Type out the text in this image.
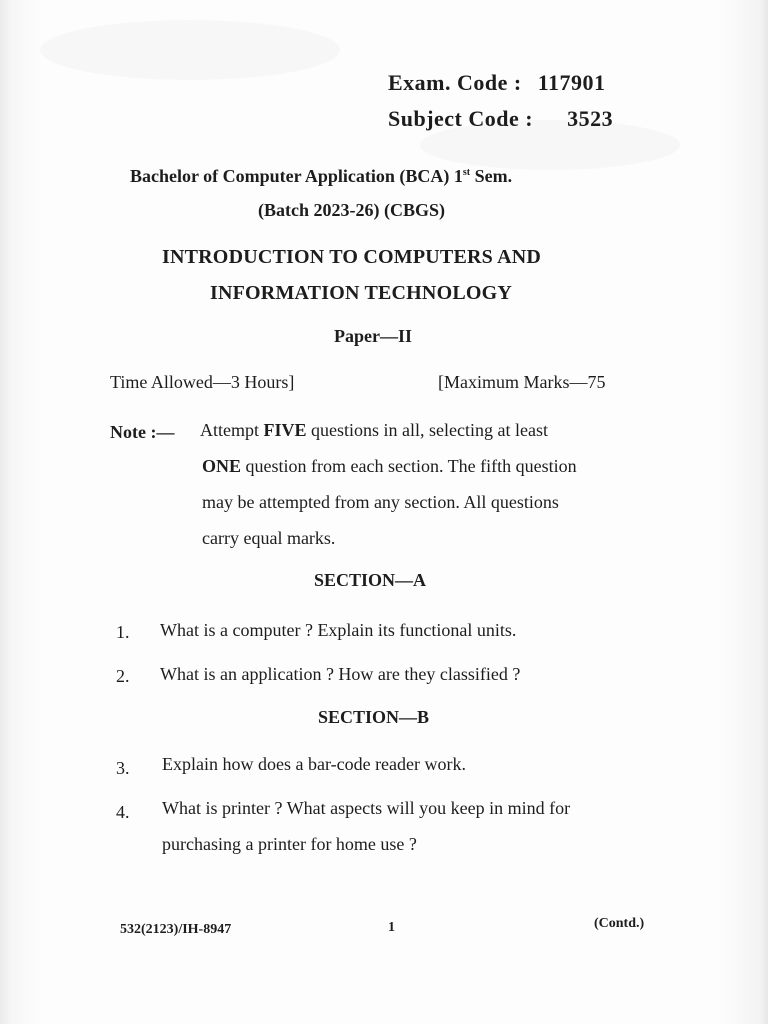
Exam. Code : 117901
Subject Code : 3523
Bachelor of Computer Application (BCA) 1st Sem.
(Batch 2023-26) (CBGS)
INTRODUCTION TO COMPUTERS AND
INFORMATION TECHNOLOGY
Paper—II
Time Allowed—3 Hours]	[Maximum Marks—75
Note :— Attempt FIVE questions in all, selecting at least
ONE question from each section. The fifth question
may be attempted from any section. All questions
carry equal marks.
SECTION—A
1. What is a computer ? Explain its functional units.
2. What is an application ? How are they classified ?
SECTION—B
3. Explain how does a bar-code reader work.
4. What is printer ? What aspects will you keep in mind for
purchasing a printer for home use ?
532(2123)/IH-8947	1	(Contd.)
